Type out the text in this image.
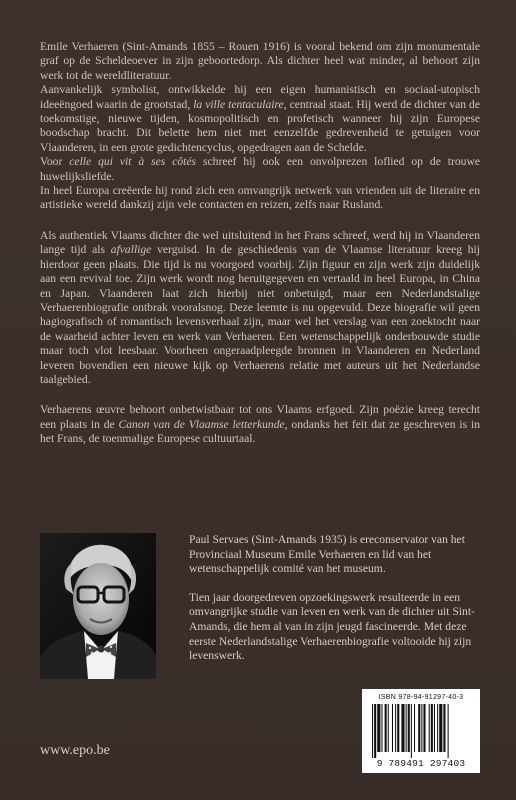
Emile Verhaeren (Sint-Amands 1855 – Rouen 1916) is vooral bekend om zijn monumentale graf op de Scheldeoever in zijn geboortedorp. Als dichter heel wat minder, al behoort zijn werk tot de wereldliteratuur.

Aanvankelijk symbolist, ontwikkelde hij een eigen humanistisch en sociaal-utopisch ideeëngoed waarin de grootstad, la ville tentaculaire, centraal staat. Hij werd de dichter van de toekomstige, nieuwe tijden, kosmopolitisch en profetisch wanneer hij zijn Europese boodschap bracht. Dit belette hem niet met eenzelfde gedrevenheid te getuigen voor Vlaanderen, in een grote gedichtencyclus, opgedragen aan de Schelde.

Voor celle qui vit à ses côtés schreef hij ook een onvolprezen loflied op de trouwe huwelijksliefde.

In heel Europa creëerde hij rond zich een omvangrijk netwerk van vrienden uit de literaire en artistieke wereld dankzij zijn vele contacten en reizen, zelfs naar Rusland.

Als authentiek Vlaams dichter die wel uitsluitend in het Frans schreef, werd hij in Vlaanderen lange tijd als afvallige verguisd. In de geschiedenis van de Vlaamse literatuur kreeg hij hierdoor geen plaats. Die tijd is nu voorgoed voorbij. Zijn figuur en zijn werk zijn duidelijk aan een revival toe. Zijn werk wordt nog heruitgegeven en vertaald in heel Europa, in China en Japan. Vlaanderen laat zich hierbij niet onbetuigd, maar een Nederlandstalige Verhaerenbiografie ontbrak vooralsnog. Deze leemte is nu opgevuld. Deze biografie wil geen hagiografisch of romantisch levensverhaal zijn, maar wel het verslag van een zoektocht naar de waarheid achter leven en werk van Verhaeren. Een wetenschappelijk onderbouwde studie maar toch vlot leesbaar. Voorheen ongeraadpleegde bronnen in Vlaanderen en Nederland leveren bovendien een nieuwe kijk op Verhaerens relatie met auteurs uit het Nederlandse taalgebied.

Verhaerens œuvre behoort onbetwistbaar tot ons Vlaams erfgoed. Zijn poëzie kreeg terecht een plaats in de Canon van de Vlaamse letterkunde, ondanks het feit dat ze geschreven is in het Frans, de toenmalige Europese cultuurtaal.

Paul Servaes (Sint-Amands 1935) is ereconservator van het Provinciaal Museum Emile Verhaeren en lid van het wetenschappelijk comité van het museum.

Tien jaar doorgedreven opzoekingswerk resulteerde in een omvangrijke studie van leven en werk van de dichter uit Sint-Amands, die hem al van in zijn jeugd fascineerde. Met deze eerste Nederlandstalige Verhaerenbiografie voltooide hij zijn levenswerk.

www.epo.be
ISBN 978-94-91297-40-3
9 789491 297403
